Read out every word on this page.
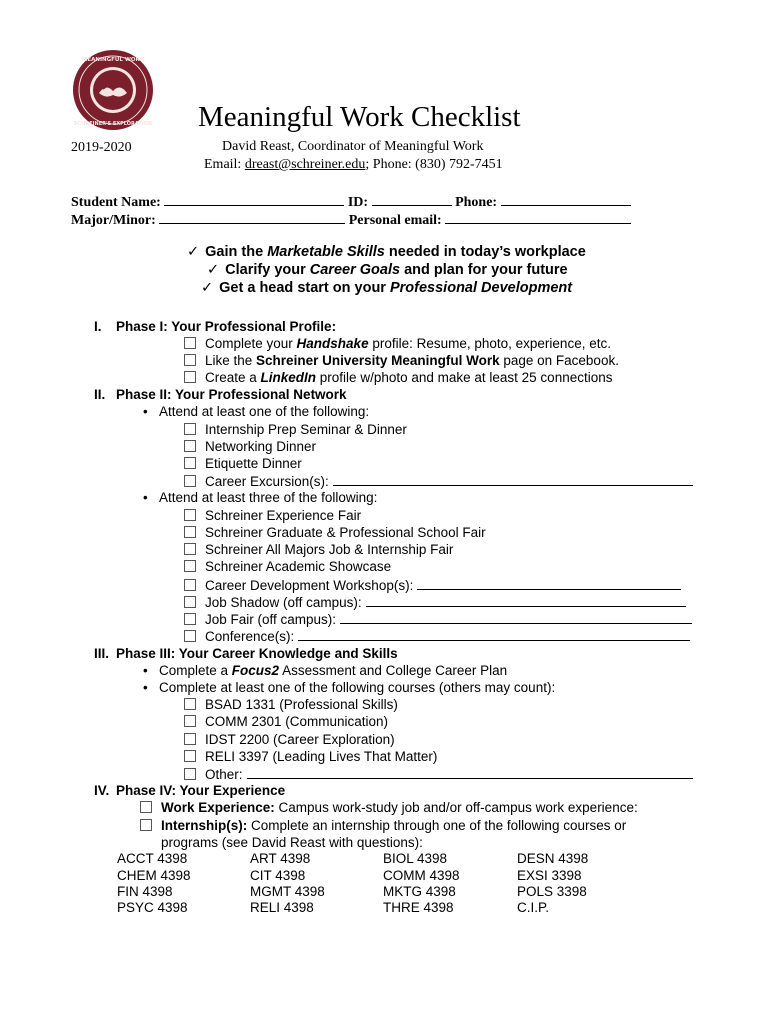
MEANINGFUL WORK
SCHREINER'S EXPLORATION Meaningful Work Checklist
2019-2020	David Reast, Coordinator of Meaningful Work
Email: dreast@schreiner.edu; Phone: (830) 792-7451
Student Name:	ID:	Phone:
Major/Minor:	Personal email:
✓ Gain the Marketable Skills needed in today’s workplace
✓ Clarify your Career Goals and plan for your future
✓ Get a head start on your Professional Development
I. Phase I: Your Professional Profile:
Complete your Handshake profile: Resume, photo, experience, etc.
Like the Schreiner University Meaningful Work page on Facebook.
Create a LinkedIn profile w/photo and make at least 25 connections
II. Phase II: Your Professional Network
• Attend at least one of the following:
Internship Prep Seminar & Dinner
Networking Dinner
Etiquette Dinner
Career Excursion(s):
• Attend at least three of the following:
Schreiner Experience Fair
Schreiner Graduate & Professional School Fair
Schreiner All Majors Job & Internship Fair
Schreiner Academic Showcase
Career Development Workshop(s):
Job Shadow (off campus):
Job Fair (off campus):
Conference(s):
III. Phase III: Your Career Knowledge and Skills
• Complete a Focus2 Assessment and College Career Plan
• Complete at least one of the following courses (others may count):
BSAD 1331 (Professional Skills)
COMM 2301 (Communication)
IDST 2200 (Career Exploration)
RELI 3397 (Leading Lives That Matter)
Other:
IV. Phase IV: Your Experience
Work Experience: Campus work-study job and/or off-campus work experience:
Internship(s): Complete an internship through one of the following courses or
programs (see David Reast with questions):
ACCT 4398	ART 4398	BIOL 4398	DESN 4398
CHEM 4398	CIT 4398	COMM 4398	EXSI 3398
FIN 4398	MGMT 4398	MKTG 4398	POLS 3398
PSYC 4398	RELI 4398	THRE 4398	C.I.P.
